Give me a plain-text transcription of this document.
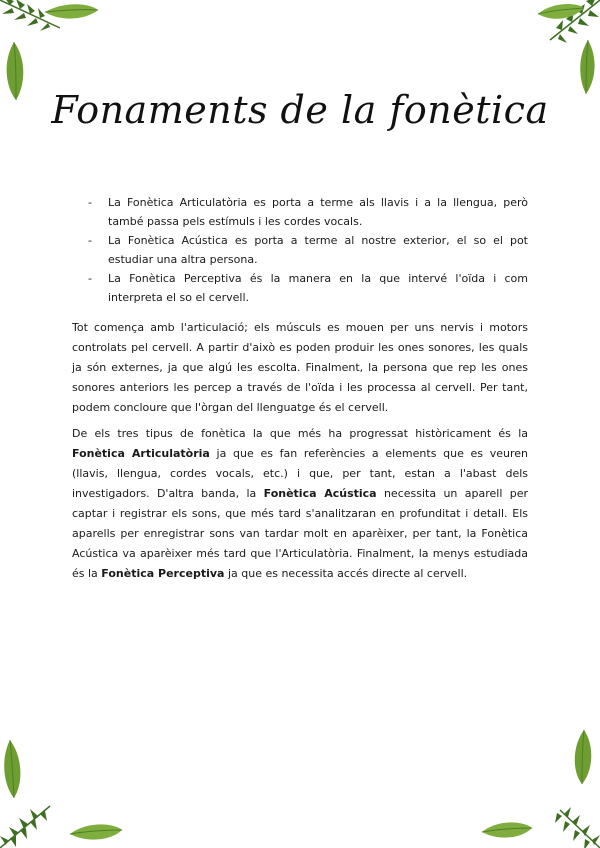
Fonaments de la fonètica
- La Fonètica Articulatòria es porta a terme als llavis i a la llengua, però també passa pels estímuls i les cordes vocals.
- La Fonètica Acústica es porta a terme al nostre exterior, el so el pot estudiar una altra persona.
- La Fonètica Perceptiva és la manera en la que intervé l'oïda i com interpreta el so el cervell.

Tot comença amb l'articulació; els músculs es mouen per uns nervis i motors controlats pel cervell. A partir d'això es poden produir les ones sonores, les quals ja són externes, ja que algú les escolta. Finalment, la persona que rep les ones sonores anteriors les percep a través de l'oïda i les processa al cervell. Per tant, podem concloure que l'òrgan del llenguatge és el cervell.

De els tres tipus de fonètica la que més ha progressat històricament és la Fonètica Articulatòria ja que es fan referències a elements que es veuren (llavis, llengua, cordes vocals, etc.) i que, per tant, estan a l'abast dels investigadors. D'altra banda, la Fonètica Acústica necessita un aparell per captar i registrar els sons, que més tard s'analitzaran en profunditat i detall. Els aparells per enregistrar sons van tardar molt en aparèixer, per tant, la Fonètica Acústica va aparèixer més tard que l'Articulatòria. Finalment, la menys estudiada és la Fonètica Perceptiva ja que es necessita accés directe al cervell.
